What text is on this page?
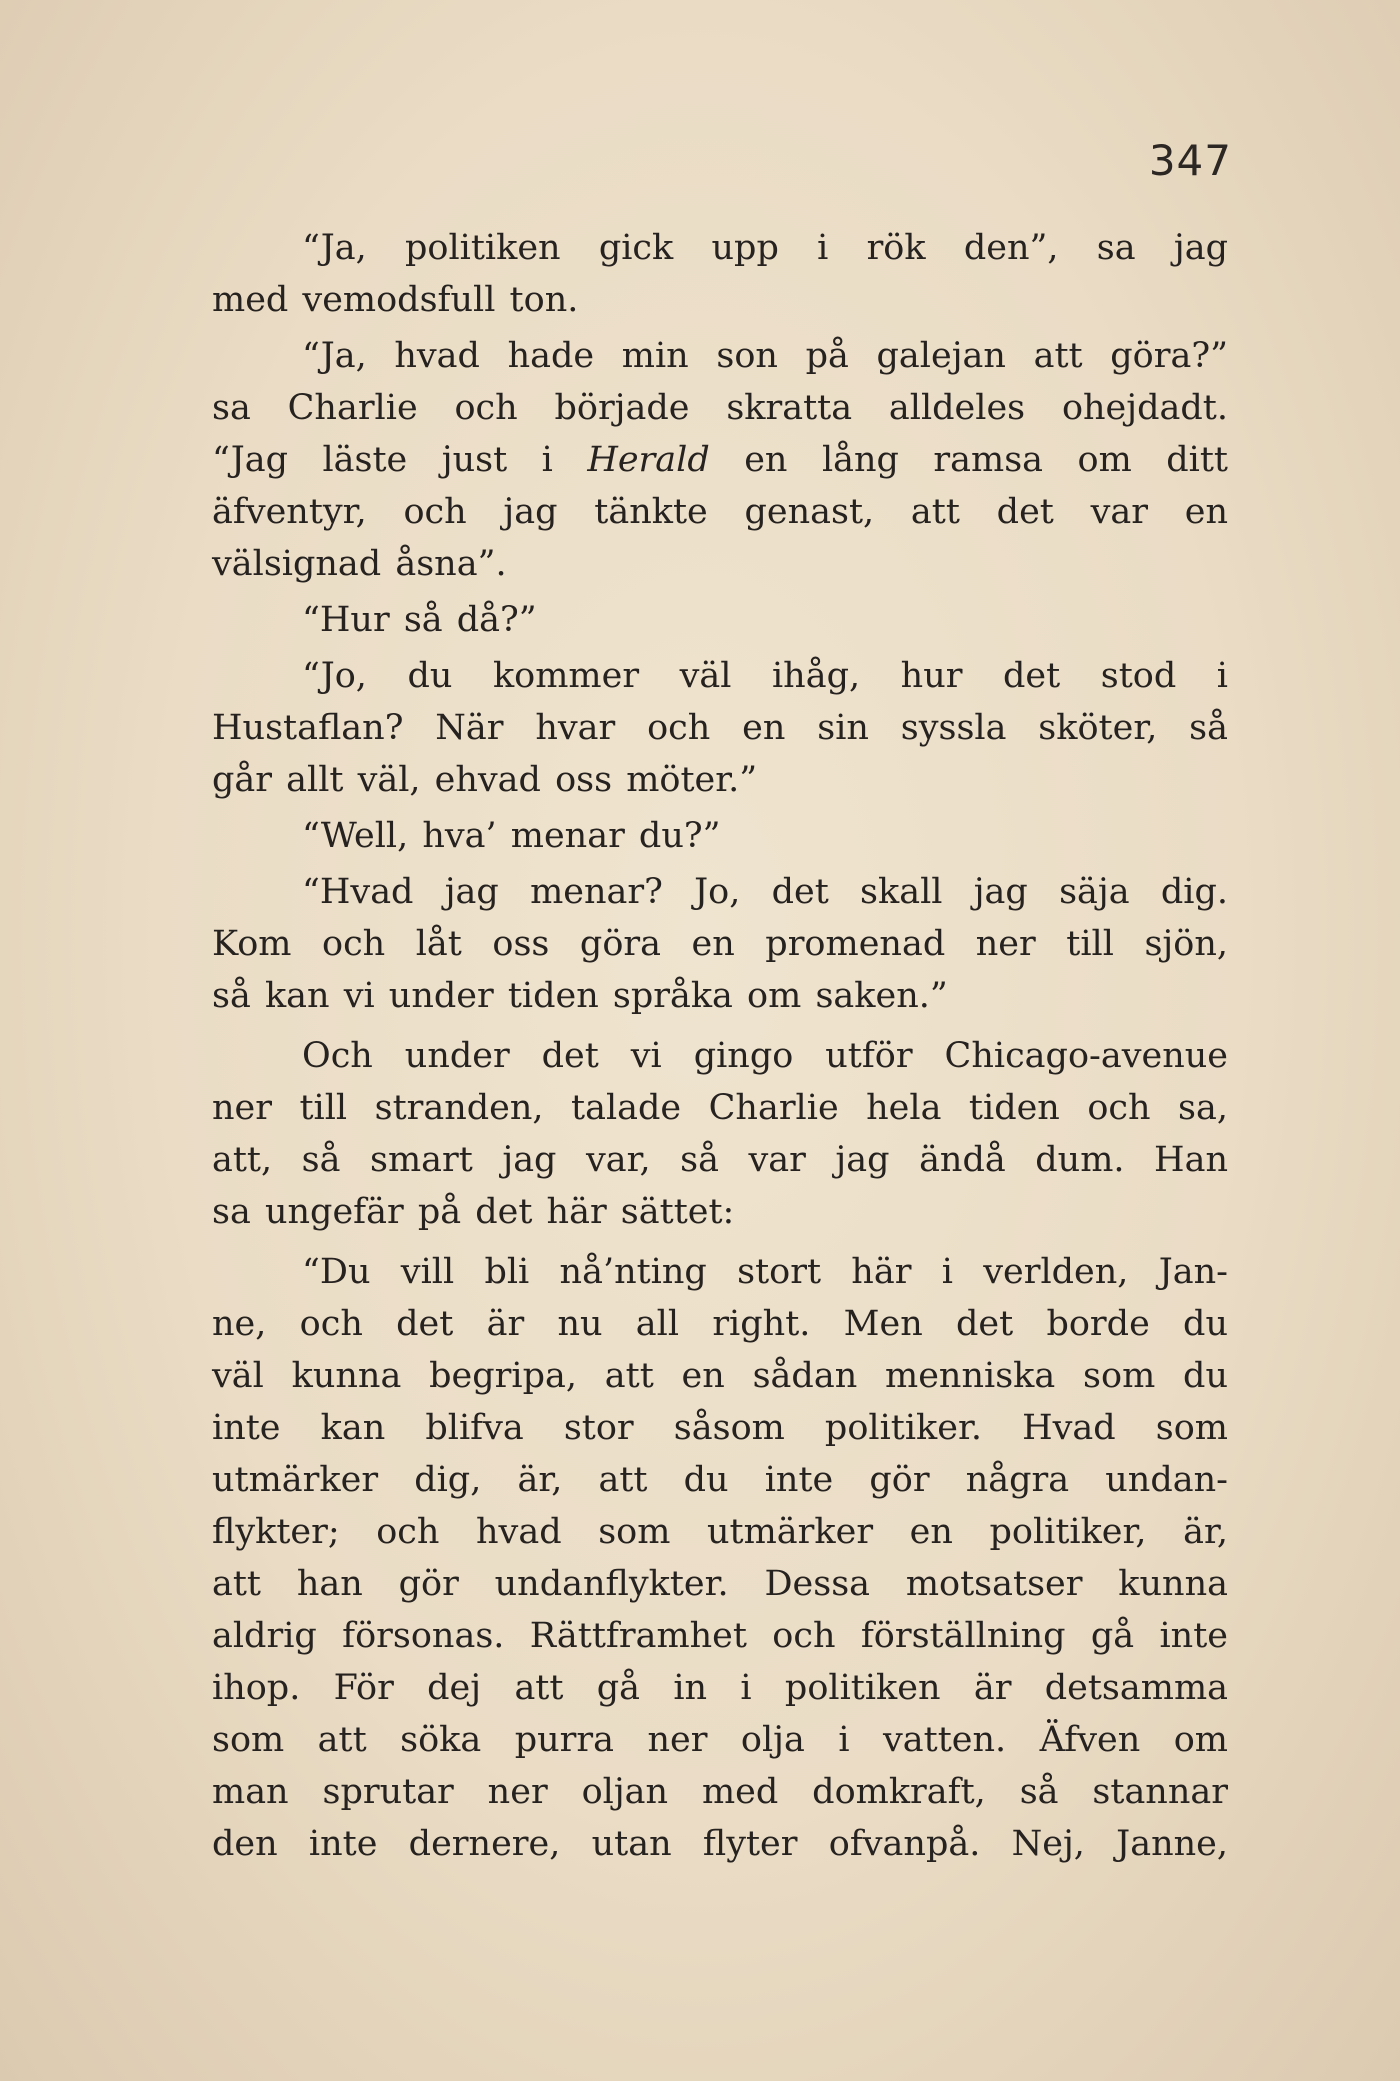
347
“Ja, politiken gick upp i rök den”, sa jag
med vemodsfull ton.
“Ja, hvad hade min son på galejan att göra?”
sa Charlie och började skratta alldeles ohejdadt.
“Jag läste just i Herald en lång ramsa om ditt
äfventyr, och jag tänkte genast, att det var en
välsignad åsna”.
“Hur så då?”
“Jo, du kommer väl ihåg, hur det stod i
Hustaflan? När hvar och en sin syssla sköter, så
går allt väl, ehvad oss möter.”
“Well, hva’ menar du?”
“Hvad jag menar? Jo, det skall jag säja dig.
Kom och låt oss göra en promenad ner till sjön,
så kan vi under tiden språka om saken.”
Och under det vi gingo utför Chicago-avenue
ner till stranden, talade Charlie hela tiden och sa,
att, så smart jag var, så var jag ändå dum. Han
sa ungefär på det här sättet:
“Du vill bli nå’nting stort här i verlden, Jan-
ne, och det är nu all right. Men det borde du
väl kunna begripa, att en sådan menniska som du
inte kan blifva stor såsom politiker. Hvad som
utmärker dig, är, att du inte gör några undan-
flykter; och hvad som utmärker en politiker, är,
att han gör undanflykter. Dessa motsatser kunna
aldrig försonas. Rättframhet och förställning gå inte
ihop. För dej att gå in i politiken är detsamma
som att söka purra ner olja i vatten. Äfven om
man sprutar ner oljan med domkraft, så stannar
den inte dernere, utan flyter ofvanpå. Nej, Janne,
